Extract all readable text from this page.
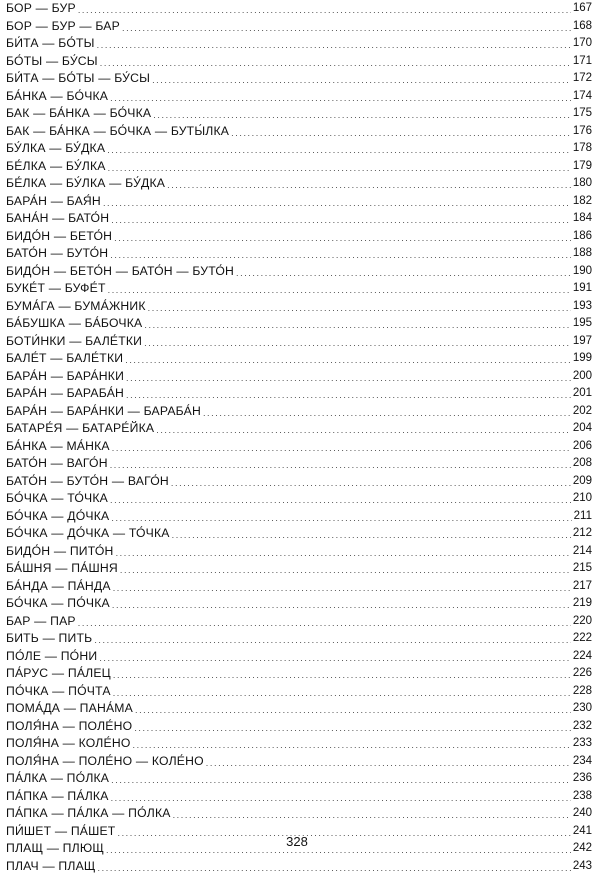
БОР — БУР .....	167
БОР — БУР — БАР .....	168
БИ́ТА — БО́ТЫ .....	170
БО́ТЫ — БУ́СЫ .....	171
БИ́ТА — БО́ТЫ — БУ́СЫ .....	172
БА́НКА — БО́ЧКА .....	174
БАК — БА́НКА — БО́ЧКА .....	175
БАК — БА́НКА — БО́ЧКА — БУТЫ́ЛКА .....	176
БУ́ЛКА — БУ́ДКА .....	178
БЕ́ЛКА — БУ́ЛКА .....	179
БЕ́ЛКА — БУ́ЛКА — БУ́ДКА .....	180
БАРА́Н — БАЯ́Н .....	182
БАНА́Н — БАТО́Н .....	184
БИДО́Н — БЕТО́Н .....	186
БАТО́Н — БУТО́Н .....	188
БИДО́Н — БЕТО́Н — БАТО́Н — БУТО́Н .....	190
БУКЕ́Т — БУФЕ́Т .....	191
БУМА́ГА — БУМА́ЖНИК .....	193
БА́БУШКА — БА́БОЧКА .....	195
БОТИ́НКИ — БАЛЕ́ТКИ .....	197
БАЛЕ́Т — БАЛЕ́ТКИ .....	199
БАРА́Н — БАРА́НКИ .....	200
БАРА́Н — БАРАБА́Н .....	201
БАРА́Н — БАРА́НКИ — БАРАБА́Н .....	202
БАТАРЕ́Я — БАТАРЕ́ЙКА .....	204
БА́НКА — МА́НКА .....	206
БАТО́Н — ВАГО́Н .....	208
БАТО́Н — БУТО́Н — ВАГО́Н .....	209
БО́ЧКА — ТО́ЧКА .....	210
БО́ЧКА — ДО́ЧКА .....	211
БО́ЧКА — ДО́ЧКА — ТО́ЧКА .....	212
БИДО́Н — ПИТО́Н .....	214
БА́ШНЯ — ПА́ШНЯ .....	215
БА́НДА — ПА́НДА .....	217
БО́ЧКА — ПО́ЧКА .....	219
БАР — ПАР .....	220
БИТЬ — ПИТЬ .....	222
ПО́ЛЕ — ПО́НИ .....	224
ПА́РУС — ПА́ЛЕЦ .....	226
ПО́ЧКА — ПО́ЧТА .....	228
ПОМА́ДА — ПАНА́МА .....	230
ПОЛЯ́НА — ПОЛЕ́НО .....	232
ПОЛЯ́НА — КОЛЕ́НО .....	233
ПОЛЯ́НА — ПОЛЕ́НО — КОЛЕ́НО .....	234
ПА́ЛКА — ПО́ЛКА .....	236
ПА́ПКА — ПА́ЛКА .....	238
ПА́ПКА — ПА́ЛКА — ПО́ЛКА .....	240
ПИ́ШЕТ — ПА́ШЕТ .....	241
ПЛАЩ — ПЛЮЩ .....	242
ПЛАЧ — ПЛАЩ .....	243
328
